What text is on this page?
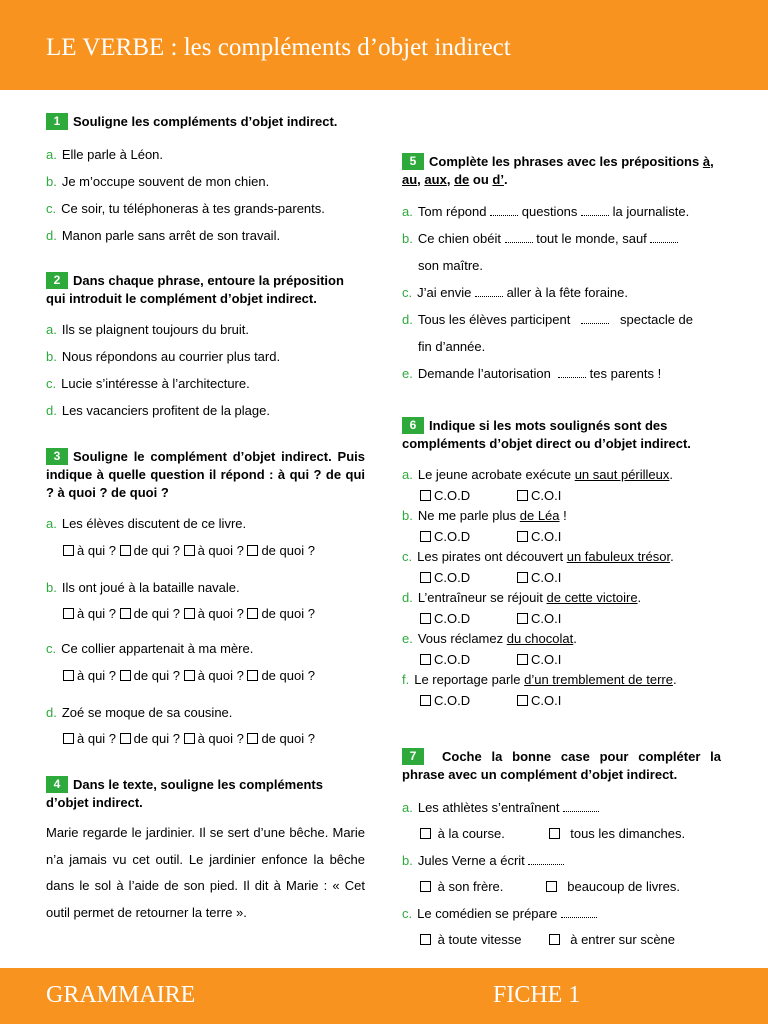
LE VERBE : les compléments d’objet indirect
GRAMMAIRE	FICHE 1
1 Souligne les compléments d’objet indirect.
a. Elle parle à Léon.
b. Je m’occupe souvent de mon chien.
c. Ce soir, tu téléphoneras à tes grands-parents.
d. Manon parle sans arrêt de son travail.
2 Dans chaque phrase, entoure la préposition qui introduit le complément d’objet indirect.
a. Ils se plaignent toujours du bruit.
b. Nous répondons au courrier plus tard.
c. Lucie s’intéresse à l’architecture.
d. Les vacanciers profitent de la plage.
3 Souligne le complément d’objet indirect. Puis indique à quelle question il répond : à qui ? de qui ? à quoi ? de quoi ?
a. Les élèves discutent de ce livre.
à qui ? de qui ? à quoi ? de quoi ?
b. Ils ont joué à la bataille navale.
à qui ? de qui ? à quoi ? de quoi ?
c. Ce collier appartenait à ma mère.
à qui ? de qui ? à quoi ? de quoi ?
d. Zoé se moque de sa cousine.
à qui ? de qui ? à quoi ? de quoi ?
4 Dans le texte, souligne les compléments d’objet indirect.
Marie regarde le jardinier. Il se sert d’une bêche. Marie n’a jamais vu cet outil. Le jardinier enfonce la bêche dans le sol à l’aide de son pied. Il dit à Marie : « Cet outil permet de retourner la terre ».
5 Complète les phrases avec les prépositions à, au, aux, de ou d’.
a. Tom répond	questions	la journaliste.
b. Ce chien obéit	tout le monde, sauf
son maître.
c. J’ai envie	aller à la fête foraine.
d. Tous les élèves participent	spectacle de
fin d’année.
e. Demande l’autorisation	tes parents !
6 Indique si les mots soulignés sont des compléments d’objet direct ou d’objet indirect.
a. Le jeune acrobate exécute un saut périlleux.
C.O.D	C.O.I
b. Ne me parle plus de Léa !
C.O.D	C.O.I
c. Les pirates ont découvert un fabuleux trésor.
C.O.D	C.O.I
d. L’entraîneur se réjouit de cette victoire.
C.O.D	C.O.I
e. Vous réclamez du chocolat.
C.O.D	C.O.I
f. Le reportage parle d’un tremblement de terre.
C.O.D	C.O.I
7	Coche la bonne case pour compléter la phrase avec un complément d’objet indirect.
a. Les athlètes s’entraînent
à la course.	tous les dimanches.
b. Jules Verne a écrit
à son frère.	beaucoup de livres.
c. Le comédien se prépare
à toute vitesse	à entrer sur scène
